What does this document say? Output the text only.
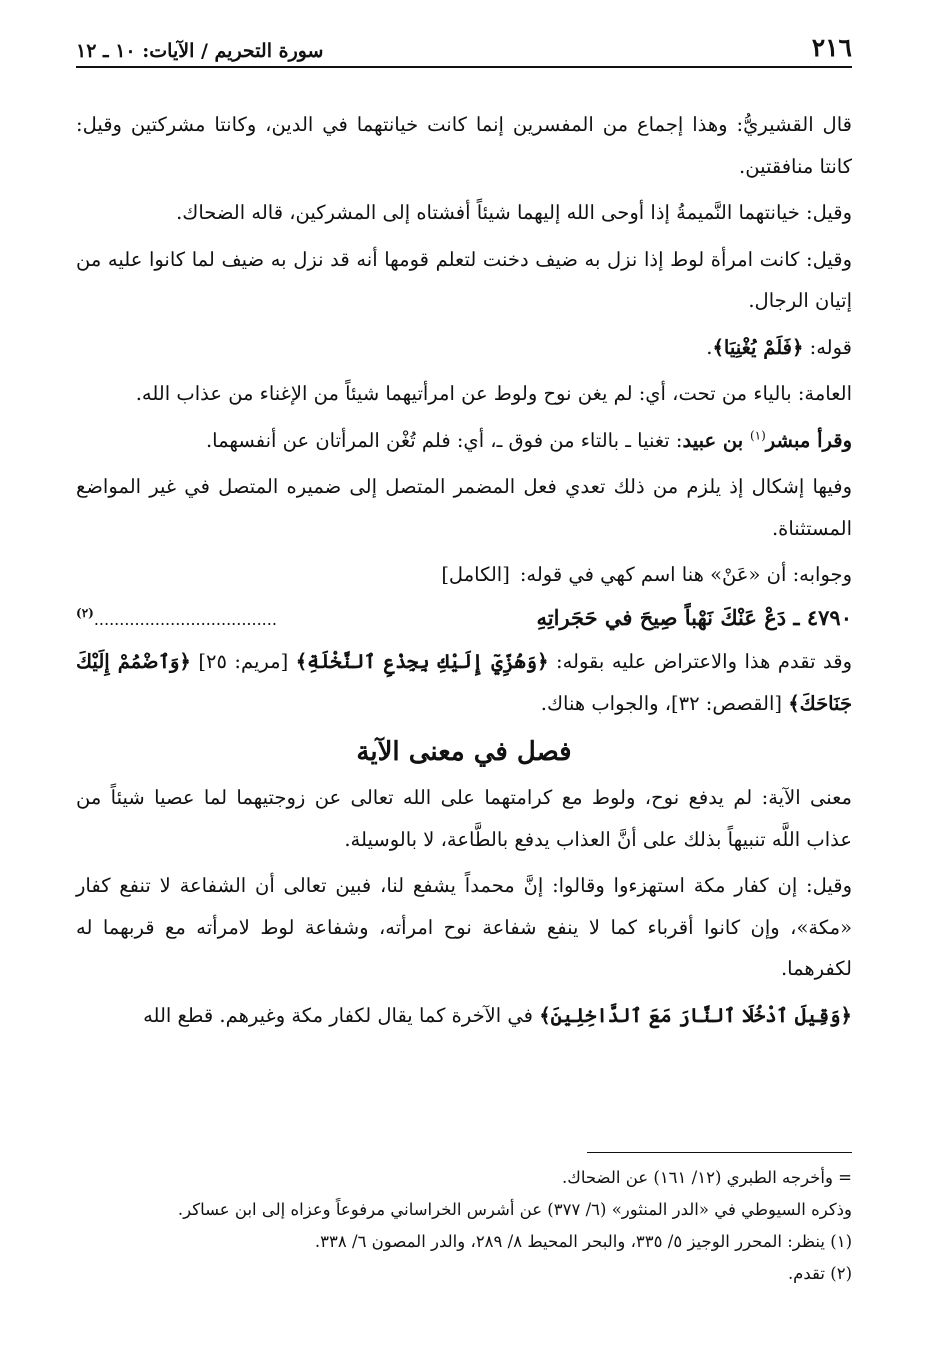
٢١٦
سورة التحريم / الآيات: ١٠ ـ ١٢

قال القشيريُّ: وهذا إجماع من المفسرين إنما كانت خيانتهما في الدين، وكانتا مشركتين وقيل: كانتا منافقتين.

وقيل: خيانتهما النَّميمةُ إذا أوحى الله إليهما شيئاً أفشتاه إلى المشركين، قاله الضحاك.

وقيل: كانت امرأة لوط إذا نزل به ضيف دخنت لتعلم قومها أنه قد نزل به ضيف لما كانوا عليه من إتيان الرجال.

قوله: ﴿فَلَمْ يُغْنِيَا﴾.

العامة: بالياء من تحت، أي: لم يغن نوح ولوط عن امرأتيهما شيئاً من الإغناء من عذاب الله.

وقرأ مبشر$^{(١)}$ بن عبيد: تغنيا ـ بالتاء من فوق ـ، أي: فلم تُغْن المرأتان عن أنفسهما.

وفيها إشكال إذ يلزم من ذلك تعدي فعل المضمر المتصل إلى ضميره المتصل في غير المواضع المستثناة.

وجوابه: أن «عَنْ» هنا اسم كهي في قوله:
[الكامل]

٤٧٩٠ ـ دَعْ عَنْكَ نَهْباً صِيحَ في حَجَراتِهِ
....................................$^{(٢)}$

وقد تقدم هذا والاعتراض عليه بقوله: ﴿وَهُزِّيٓ إِلَيْكِ بِجِذْعِ ٱلنَّخْلَةِ﴾ [مريم: ٢٥] ﴿وَٱضْمُمْ إِلَيْكَ جَنَاحَكَ﴾ [القصص: ٣٢]، والجواب هناك.

فصل في معنى الآية

معنى الآية: لم يدفع نوح، ولوط مع كرامتهما على الله تعالى عن زوجتيهما لما عصيا شيئاً من عذاب اللَّه تنبيهاً بذلك على أنَّ العذاب يدفع بالطَّاعة، لا بالوسيلة.

وقيل: إن كفار مكة استهزءوا وقالوا: إنَّ محمداً يشفع لنا، فبين تعالى أن الشفاعة لا تنفع كفار «مكة»، وإن كانوا أقرباء كما لا ينفع شفاعة نوح امرأته، وشفاعة لوط لامرأته مع قربهما له لكفرهما.

﴿وَقِيلَ ٱدْخُلَا ٱلنَّارَ مَعَ ٱلدَّاخِلِينَ﴾ في الآخرة كما يقال لكفار مكة وغيرهم. قطع الله

= وأخرجه الطبري (١٢/ ١٦١) عن الضحاك.

وذكره السيوطي في «الدر المنثور» (٦/ ٣٧٧) عن أشرس الخراساني مرفوعاً وعزاه إلى ابن عساكر.

(١) ينظر: المحرر الوجيز ٥/ ٣٣٥، والبحر المحيط ٨/ ٢٨٩، والدر المصون ٦/ ٣٣٨.

(٢) تقدم.
